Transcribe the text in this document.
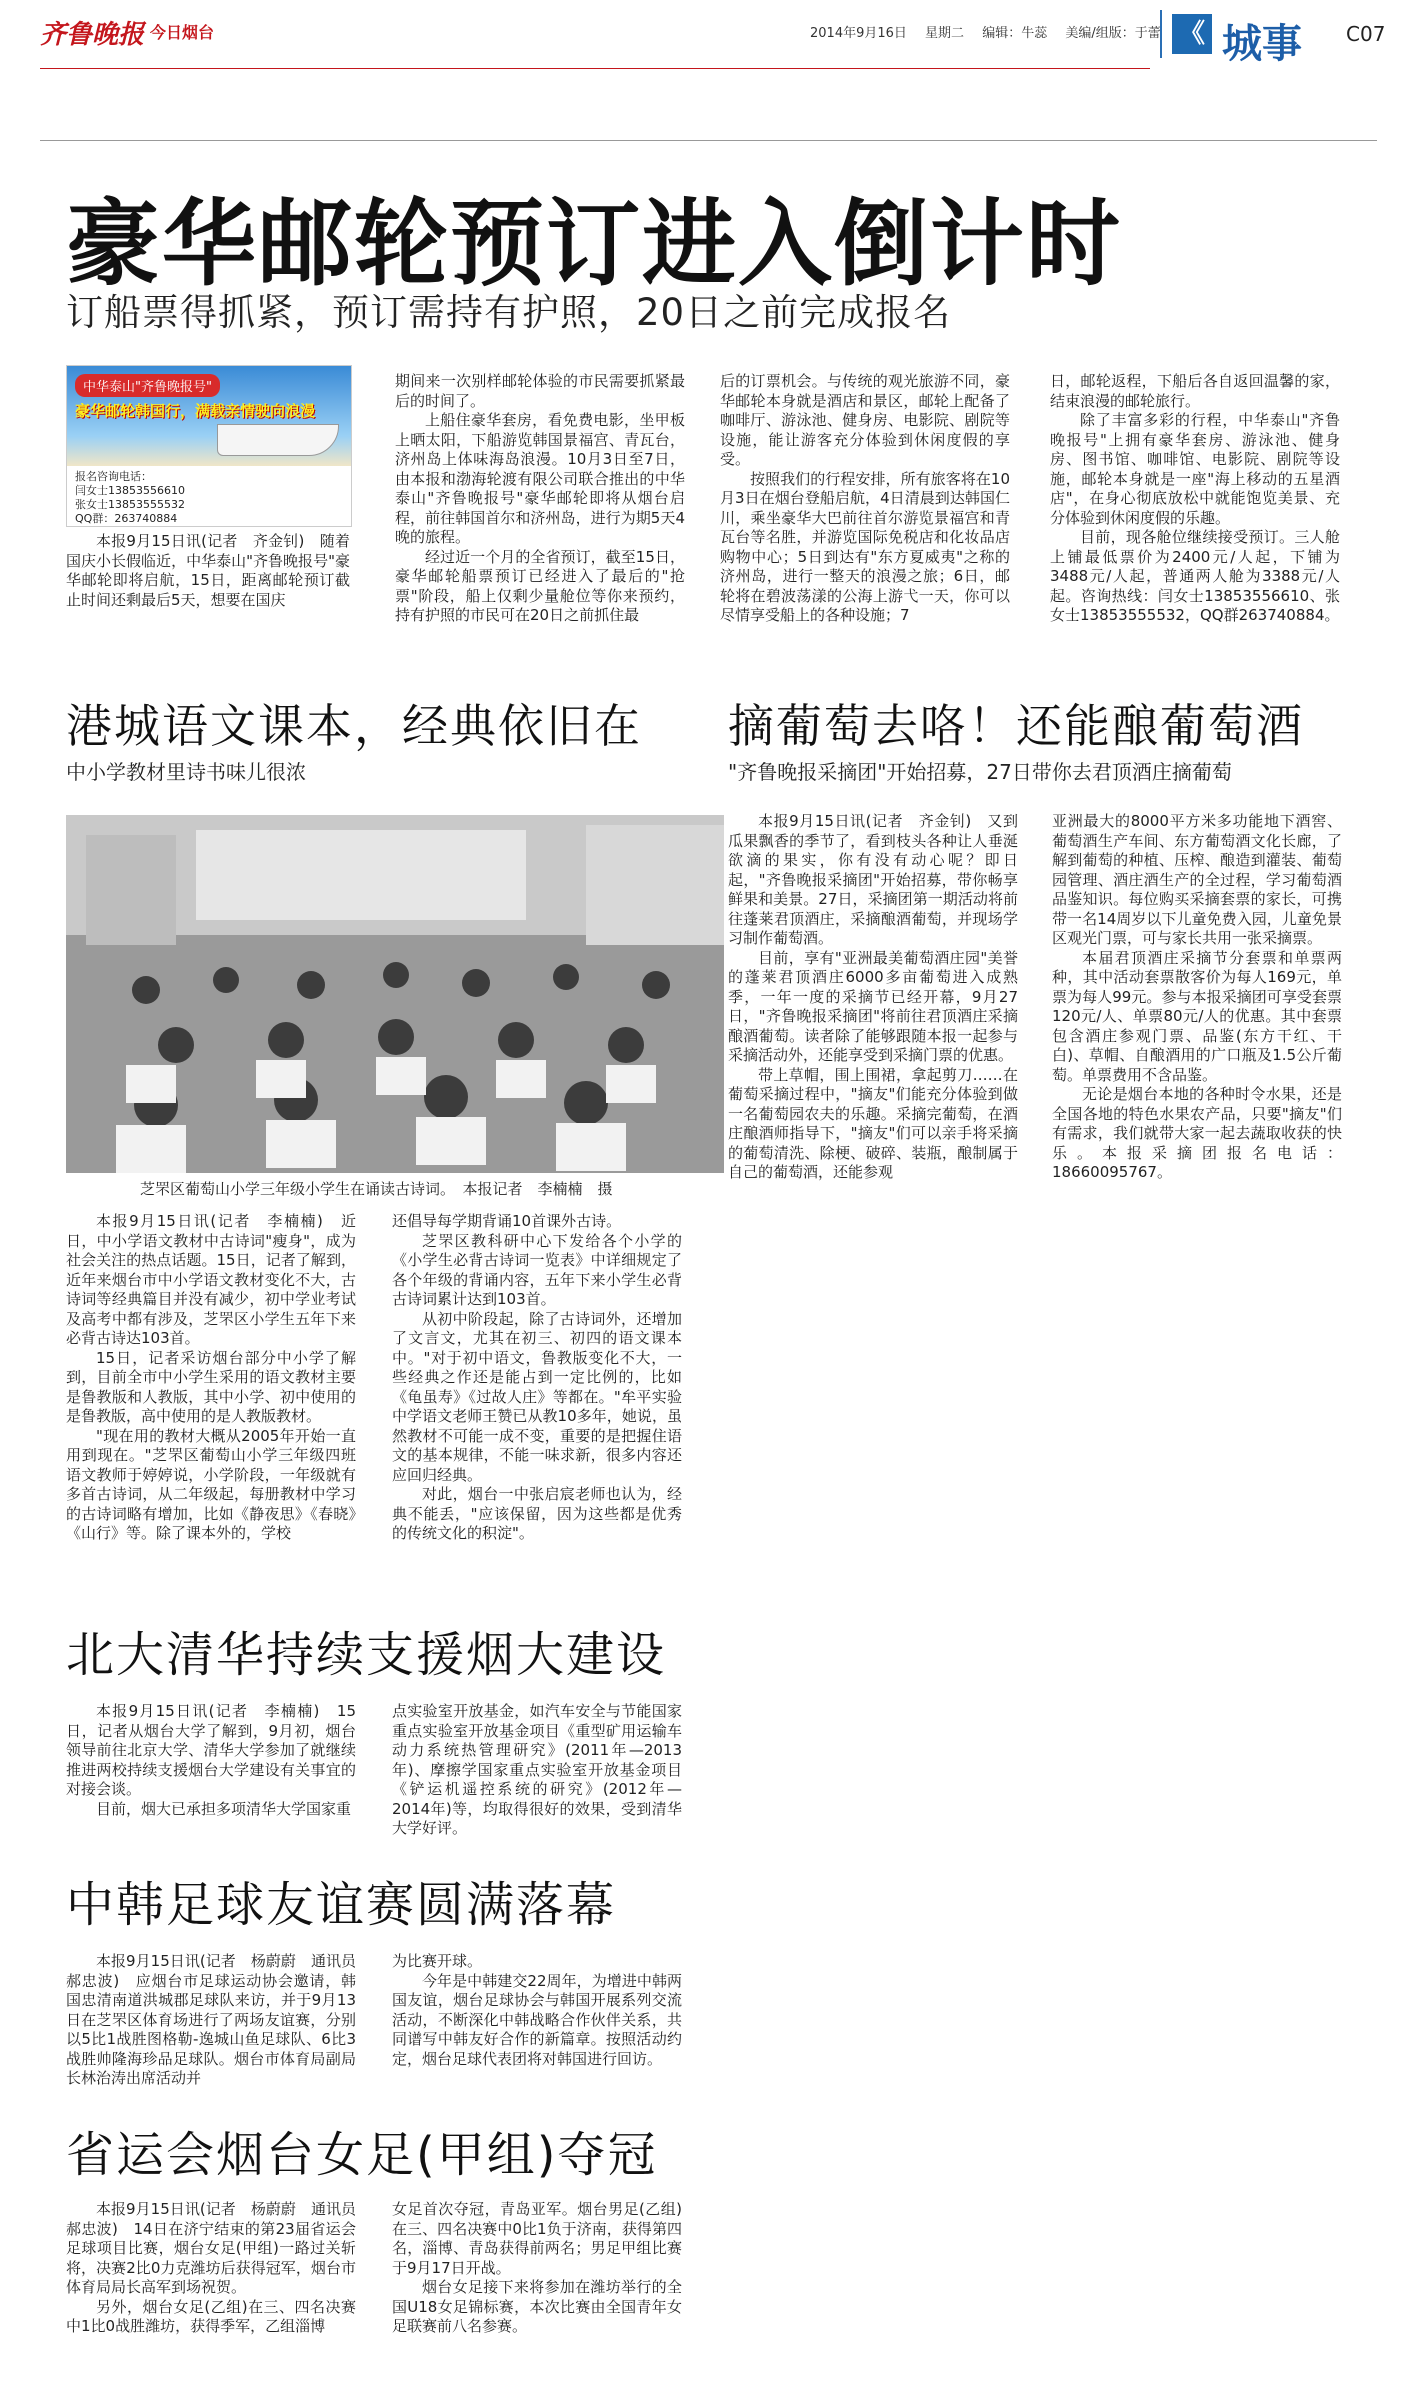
齐鲁晚报 今日烟台	2014年9月16日 星期二 编辑：牛蕊 美编/组版：于蕾 《 城事 C07
豪华邮轮预订进入倒计时
订船票得抓紧，预订需持有护照，20日之前完成报名
中华泰山"齐鲁晚报号"
豪华邮轮韩国行，满载亲情驶向浪漫
报名咨询电话：
闫女士13853556610
张女士13853555532
QQ群：263740884

本报9月15日讯(记者　齐金钊)　随着国庆小长假临近，中华泰山"齐鲁晚报号"豪华邮轮即将启航，15日，距离邮轮预订截止时间还剩最后5天，想要在国庆

期间来一次别样邮轮体验的市民需要抓紧最后的时间了。

上船住豪华套房，看免费电影，坐甲板上晒太阳，下船游览韩国景福宫、青瓦台，济州岛上体味海岛浪漫。10月3日至7日，由本报和渤海轮渡有限公司联合推出的中华泰山"齐鲁晚报号"豪华邮轮即将从烟台启程，前往韩国首尔和济州岛，进行为期5天4晚的旅程。

经过近一个月的全省预订，截至15日，豪华邮轮船票预订已经进入了最后的"抢票"阶段，船上仅剩少量舱位等你来预约，持有护照的市民可在20日之前抓住最

后的订票机会。与传统的观光旅游不同，豪华邮轮本身就是酒店和景区，邮轮上配备了咖啡厅、游泳池、健身房、电影院、剧院等设施，能让游客充分体验到休闲度假的享受。

按照我们的行程安排，所有旅客将在10月3日在烟台登船启航，4日清晨到达韩国仁川，乘坐豪华大巴前往首尔游览景福宫和青瓦台等名胜，并游览国际免税店和化妆品店购物中心；5日到达有"东方夏威夷"之称的济州岛，进行一整天的浪漫之旅；6日，邮轮将在碧波荡漾的公海上游弋一天，你可以尽情享受船上的各种设施；7

日，邮轮返程，下船后各自返回温馨的家，结束浪漫的邮轮旅行。

除了丰富多彩的行程，中华泰山"齐鲁晚报号"上拥有豪华套房、游泳池、健身房、图书馆、咖啡馆、电影院、剧院等设施，邮轮本身就是一座"海上移动的五星酒店"，在身心彻底放松中就能饱览美景、充分体验到休闲度假的乐趣。

目前，现各舱位继续接受预订。三人舱上铺最低票价为2400元/人起，下铺为3488元/人起，普通两人舱为3388元/人起。咨询热线：闫女士13853556610、张女士13853555532，QQ群263740884。

港城语文课本，经典依旧在
中小学教材里诗书味儿很浓
芝罘区葡萄山小学三年级小学生在诵读古诗词。　本报记者　李楠楠　摄

本报9月15日讯(记者　李楠楠)　近日，中小学语文教材中古诗词"瘦身"，成为社会关注的热点话题。15日，记者了解到，近年来烟台市中小学语文教材变化不大，古诗词等经典篇目并没有减少，初中学业考试及高考中都有涉及，芝罘区小学生五年下来必背古诗达103首。

15日，记者采访烟台部分中小学了解到，目前全市中小学生采用的语文教材主要是鲁教版和人教版，其中小学、初中使用的是鲁教版，高中使用的是人教版教材。

"现在用的教材大概从2005年开始一直用到现在。"芝罘区葡萄山小学三年级四班语文教师于婷婷说，小学阶段，一年级就有多首古诗词，从二年级起，每册教材中学习的古诗词略有增加，比如《静夜思》《春晓》《山行》等。除了课本外的，学校

还倡导每学期背诵10首课外古诗。

芝罘区教科研中心下发给各个小学的《小学生必背古诗词一览表》中详细规定了各个年级的背诵内容，五年下来小学生必背古诗词累计达到103首。

从初中阶段起，除了古诗词外，还增加了文言文，尤其在初三、初四的语文课本中。"对于初中语文，鲁教版变化不大，一些经典之作还是能占到一定比例的，比如《龟虽寿》《过故人庄》等都在。"牟平实验中学语文老师王赞已从教10多年，她说，虽然教材不可能一成不变，重要的是把握住语文的基本规律，不能一味求新，很多内容还应回归经典。

对此，烟台一中张启宸老师也认为，经典不能丢，"应该保留，因为这些都是优秀的传统文化的积淀"。

摘葡萄去咯！还能酿葡萄酒
"齐鲁晚报采摘团"开始招募，27日带你去君顶酒庄摘葡萄

本报9月15日讯(记者　齐金钊)　又到瓜果飘香的季节了，看到枝头各种让人垂涎欲滴的果实，你有没有动心呢？即日起，"齐鲁晚报采摘团"开始招募，带你畅享鲜果和美景。27日，采摘团第一期活动将前往蓬莱君顶酒庄，采摘酿酒葡萄，并现场学习制作葡萄酒。

目前，享有"亚洲最美葡萄酒庄园"美誉的蓬莱君顶酒庄6000多亩葡萄进入成熟季，一年一度的采摘节已经开幕，9月27日，"齐鲁晚报采摘团"将前往君顶酒庄采摘酿酒葡萄。读者除了能够跟随本报一起参与采摘活动外，还能享受到采摘门票的优惠。

带上草帽，围上围裙，拿起剪刀……在葡萄采摘过程中，"摘友"们能充分体验到做一名葡萄园农夫的乐趣。采摘完葡萄，在酒庄酿酒师指导下，"摘友"们可以亲手将采摘的葡萄清洗、除梗、破碎、装瓶，酿制属于自己的葡萄酒，还能参观

亚洲最大的8000平方米多功能地下酒窖、葡萄酒生产车间、东方葡萄酒文化长廊，了解到葡萄的种植、压榨、酿造到灌装、葡萄园管理、酒庄酒生产的全过程，学习葡萄酒品鉴知识。每位购买采摘套票的家长，可携带一名14周岁以下儿童免费入园，儿童免景区观光门票，可与家长共用一张采摘票。

本届君顶酒庄采摘节分套票和单票两种，其中活动套票散客价为每人169元，单票为每人99元。参与本报采摘团可享受套票120元/人、单票80元/人的优惠。其中套票包含酒庄参观门票、品鉴(东方干红、干白)、草帽、自酿酒用的广口瓶及1.5公斤葡萄。单票费用不含品鉴。

无论是烟台本地的各种时令水果，还是全国各地的特色水果农产品，只要"摘友"们有需求，我们就带大家一起去蔬取收获的快乐。本报采摘团报名电话：18660095767。

北大清华持续支援烟大建设

本报9月15日讯(记者　李楠楠)　15日，记者从烟台大学了解到，9月初，烟台领导前往北京大学、清华大学参加了就继续推进两校持续支援烟台大学建设有关事宜的对接会谈。

目前，烟大已承担多项清华大学国家重

点实验室开放基金，如汽车安全与节能国家重点实验室开放基金项目《重型矿用运输车动力系统热管理研究》(2011年—2013年)、摩擦学国家重点实验室开放基金项目《铲运机遥控系统的研究》(2012年—2014年)等，均取得很好的效果，受到清华大学好评。

中韩足球友谊赛圆满落幕

本报9月15日讯(记者　杨蔚蔚　通讯员　郝忠波)　应烟台市足球运动协会邀请，韩国忠清南道洪城郡足球队来访，并于9月13日在芝罘区体育场进行了两场友谊赛，分别以5比1战胜图格勒-逸城山鱼足球队、6比3战胜帅隆海珍品足球队。烟台市体育局副局长林治涛出席活动并

为比赛开球。

今年是中韩建交22周年，为增进中韩两国友谊，烟台足球协会与韩国开展系列交流活动，不断深化中韩战略合作伙伴关系，共同谱写中韩友好合作的新篇章。按照活动约定，烟台足球代表团将对韩国进行回访。

省运会烟台女足(甲组)夺冠

本报9月15日讯(记者　杨蔚蔚　通讯员　郝忠波)　14日在济宁结束的第23届省运会足球项目比赛，烟台女足(甲组)一路过关斩将，决赛2比0力克潍坊后获得冠军，烟台市体育局局长高军到场祝贺。

另外，烟台女足(乙组)在三、四名决赛中1比0战胜潍坊，获得季军，乙组淄博

女足首次夺冠，青岛亚军。烟台男足(乙组)在三、四名决赛中0比1负于济南，获得第四名，淄博、青岛获得前两名；男足甲组比赛于9月17日开战。

烟台女足接下来将参加在潍坊举行的全国U18女足锦标赛，本次比赛由全国青年女足联赛前八名参赛。
